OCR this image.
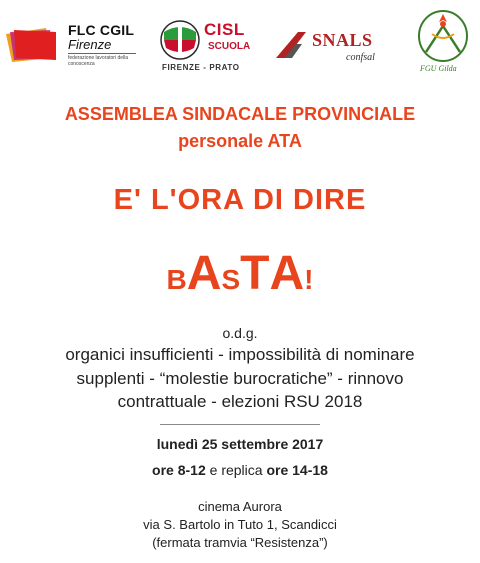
FLC CGIL
Firenze
federazione lavoratori della conoscenza
CISL
SCUOLA
FIRENZE - PRATO
SNALS
confsal
FGU Gilda
ASSEMBLEA SINDACALE PROVINCIALE
personale ATA
E' L'ORA DI DIRE
BASTA!
o.d.g.
organici insufficienti - impossibilità di nominare
supplenti - “molestie burocratiche” - rinnovo
contrattuale - elezioni RSU 2018
lunedì 25 settembre 2017
ore 8-12 e replica ore 14-18
cinema Aurora
via S. Bartolo in Tuto 1, Scandicci
(fermata tramvia “Resistenza”)
